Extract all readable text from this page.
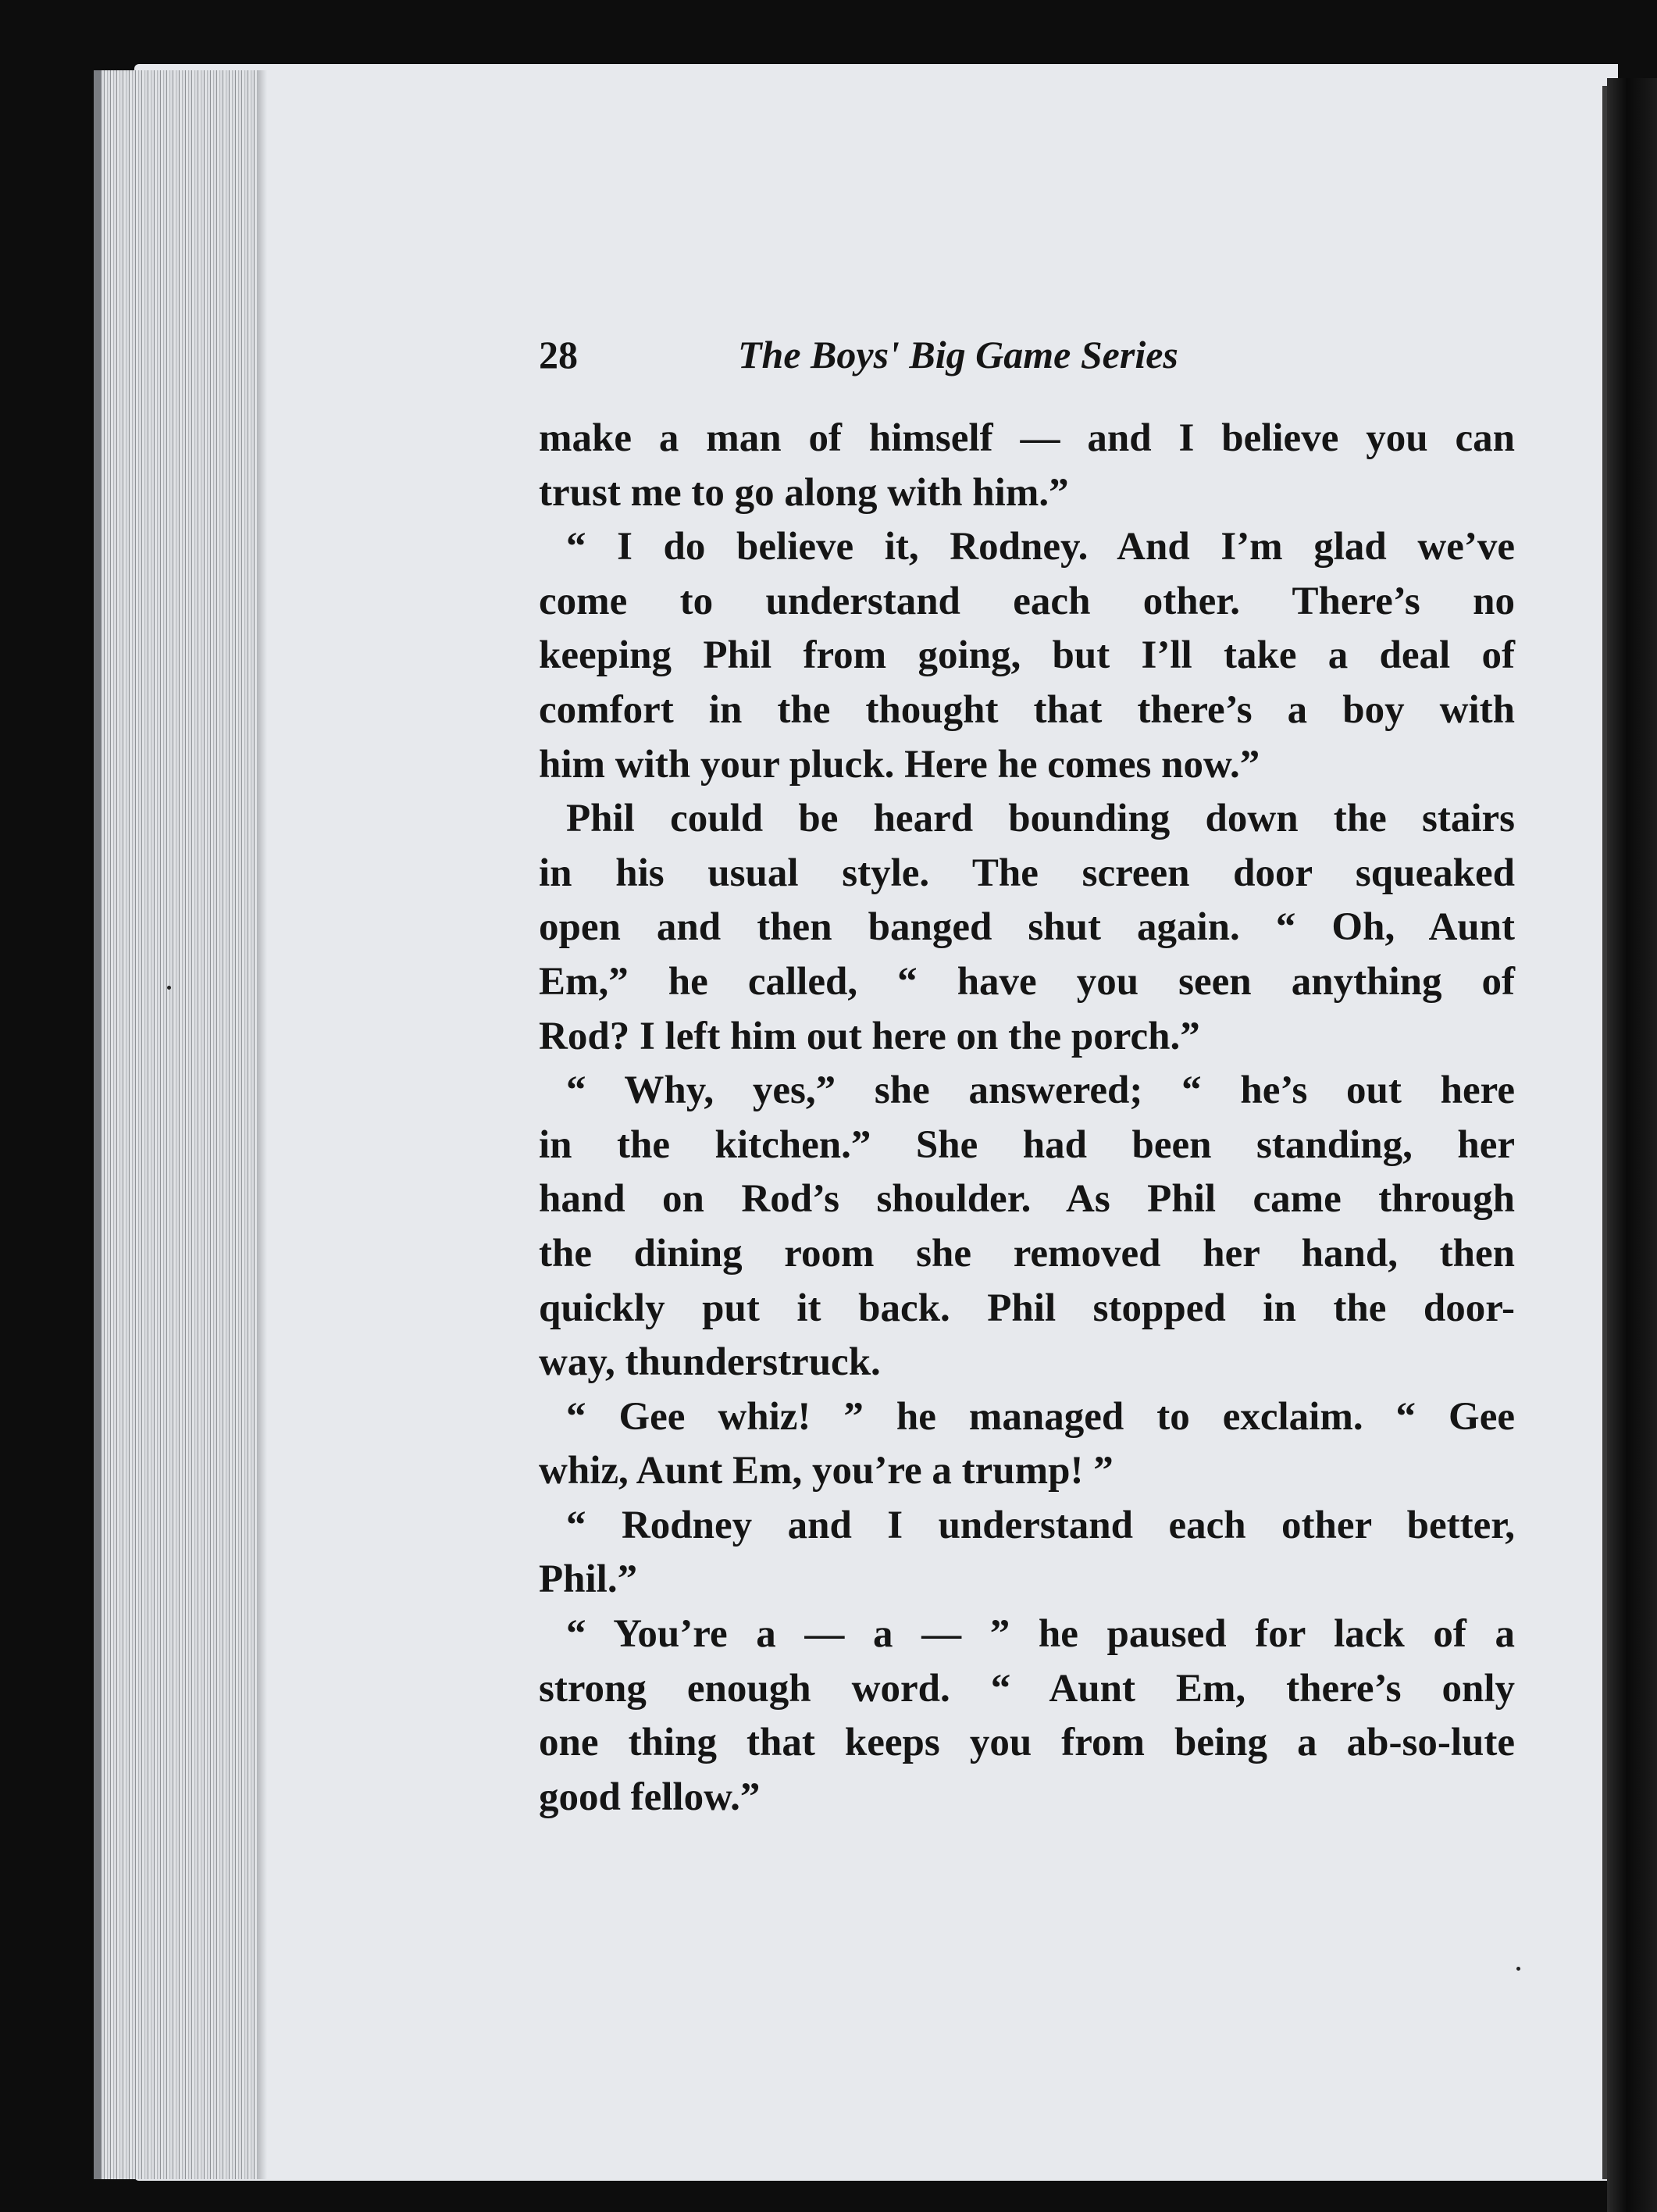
28	The Boys' Big Game Series
make a man of himself — and I believe you can
trust me to go along with him.”
“ I do believe it, Rodney. And I’m glad we’ve
come to understand each other. There’s no
keeping Phil from going, but I’ll take a deal of
comfort in the thought that there’s a boy with
him with your pluck. Here he comes now.”
Phil could be heard bounding down the stairs
in his usual style. The screen door squeaked
open and then banged shut again. “ Oh, Aunt
Em,” he called, “ have you seen anything of
Rod? I left him out here on the porch.”
“ Why, yes,” she answered; “ he’s out here
in the kitchen.” She had been standing, her
hand on Rod’s shoulder. As Phil came through
the dining room she removed her hand, then
quickly put it back. Phil stopped in the door-
way, thunderstruck.
“ Gee whiz! ” he managed to exclaim. “ Gee
whiz, Aunt Em, you’re a trump! ”
“ Rodney and I understand each other better,
Phil.”
“ You’re a — a — ” he paused for lack of a
strong enough word. “ Aunt Em, there’s only
one thing that keeps you from being a ab-so-lute
good fellow.”
